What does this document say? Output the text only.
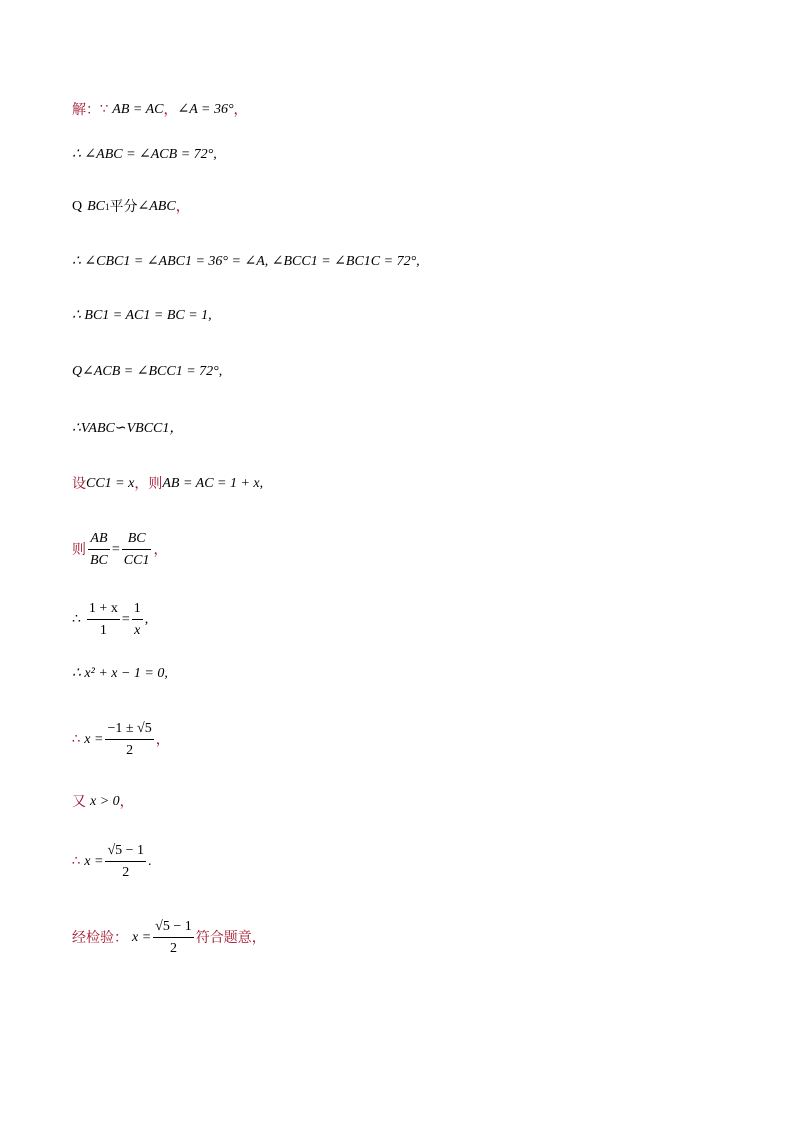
解： ∵ AB = AC ， ∠A = 36° ，
∴ ∠ABC = ∠ACB = 72°,
Q BC 1 平分 ∠ABC ，
∴ ∠CBC1 = ∠ABC1 = 36° = ∠A, ∠BCC1 = ∠BC1C = 72°,
∴ BC1 = AC1 = BC = 1,
Q∠ACB = ∠BCC1 = 72°,
∴VABC∽VBCC1，
设 CC1 = x ，则 AB = AC = 1 + x ,
则 $\frac{AB}{BC} = \frac{BC}{CC1}$ ，
∴ $\frac{1 + x}{1} = \frac{1}{x}$ ,
∴ x² + x − 1 = 0,
∴ $x = \frac{-1 \pm √5}{2}$ ，
又 x > 0 ，
∴ $x = \frac{√5 - 1}{2}$ .
经检验： $x = \frac{√5 - 1}{2}$ 符合题意，
